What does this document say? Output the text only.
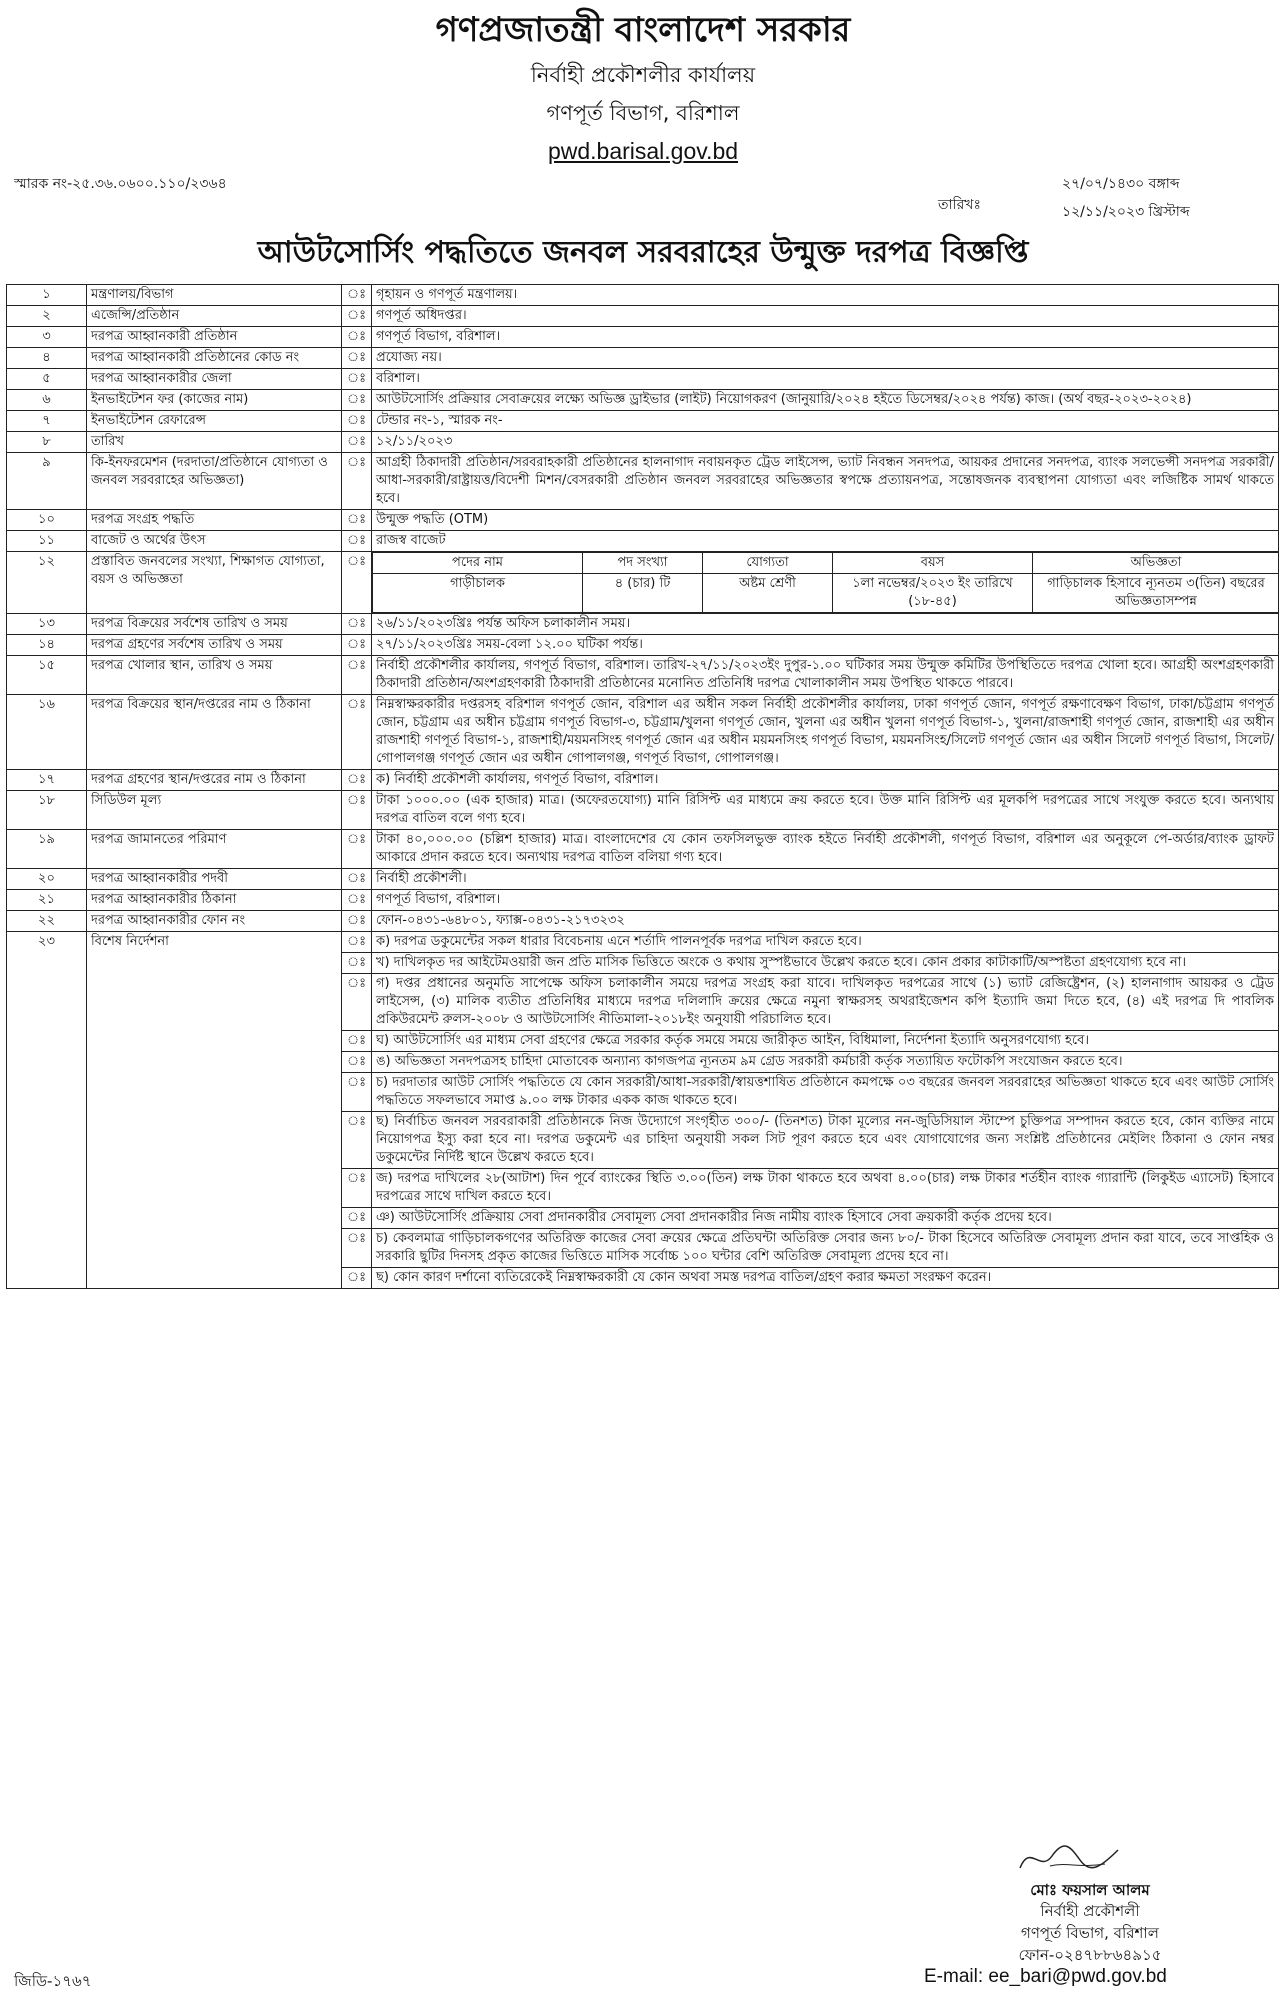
গণপ্রজাতন্ত্রী বাংলাদেশ সরকার
নির্বাহী প্রকৌশলীর কার্যালয়
গণপূর্ত বিভাগ, বরিশাল
pwd.barisal.gov.bd
স্মারক নং-২৫.৩৬.০৬০০.১১০/২৩৬৪
তারিখঃ
২৭/০৭/১৪৩০ বঙ্গাব্দ
১২/১১/২০২৩ খ্রিস্টাব্দ
আউটসোর্সিং পদ্ধতিতে জনবল সরবরাহের উন্মুক্ত দরপত্র বিজ্ঞপ্তি
১	মন্ত্রণালয়/বিভাগ	ঃ	গৃহায়ন ও গণপূর্ত মন্ত্রণালয়।
২	এজেন্সি/প্রতিষ্ঠান	ঃ	গণপূর্ত অধিদপ্তর।
৩	দরপত্র আহ্বানকারী প্রতিষ্ঠান	ঃ	গণপূর্ত বিভাগ, বরিশাল।
৪	দরপত্র আহ্বানকারী প্রতিষ্ঠানের কোড নং	ঃ	প্রযোজ্য নয়।
৫	দরপত্র আহ্বানকারীর জেলা	ঃ	বরিশাল।
৬	ইনভাইটেশন ফর (কাজের নাম)	ঃ	আউটসোর্সিং প্রক্রিয়ার সেবাক্রয়ের লক্ষ্যে অভিজ্ঞ ড্রাইভার (লাইট) নিয়োগকরণ (জানুয়ারি/২০২৪ হইতে ডিসেম্বর/২০২৪ পর্যন্ত) কাজ। (অর্থ বছর-২০২৩-২০২৪)
৭	ইনভাইটেশন রেফারেন্স	ঃ	টেন্ডার নং-১, স্মারক নং-
৮	তারিখ	ঃ	১২/১১/২০২৩
৯	কি-ইনফরমেশন (দরদাতা/প্রতিষ্ঠানে যোগ্যতা ও জনবল সরবরাহের অভিজ্ঞতা)	ঃ	আগ্রহী ঠিকাদারী প্রতিষ্ঠান/সরবরাহকারী প্রতিষ্ঠানের হালনাগাদ নবায়নকৃত ট্রেড লাইসেন্স, ভ্যাট নিবন্ধন সনদপত্র, আয়কর প্রদানের সনদপত্র, ব্যাংক সলভেন্সী সনদপত্র সরকারী/আধা-সরকারী/রাষ্ট্রায়ত্ত/বিদেশী মিশন/বেসরকারী প্রতিষ্ঠান জনবল সরবরাহের অভিজ্ঞতার স্বপক্ষে প্রত্যায়নপত্র, সন্তোষজনক ব্যবস্থাপনা যোগ্যতা এবং লজিষ্টিক সামর্থ থাকতে হবে।
১০	দরপত্র সংগ্রহ পদ্ধতি	ঃ	উন্মুক্ত পদ্ধতি (OTM)
১১	বাজেট ও অর্থের উৎস	ঃ	রাজস্ব বাজেট
১২	প্রস্তাবিত জনবলের সংখ্যা, শিক্ষাগত যোগ্যতা, বয়স ও অভিজ্ঞতা	ঃ		পদের নাম	পদ সংখ্যা	যোগ্যতা	বয়স	অভিজ্ঞতা
গাড়ীচালক	৪ (চার) টি	অষ্টম শ্রেণী	১লা নভেম্বর/২০২৩ ইং তারিখে (১৮-৪৫)	গাড়িচালক হিসাবে ন্যূনতম ৩(তিন) বছরের অভিজ্ঞতাসম্পন্ন

১৩	দরপত্র বিক্রয়ের সর্বশেষ তারিখ ও সময়	ঃ	২৬/১১/২০২৩খ্রিঃ পর্যন্ত অফিস চলাকালীন সময়।
১৪	দরপত্র গ্রহণের সর্বশেষ তারিখ ও সময়	ঃ	২৭/১১/২০২৩খ্রিঃ সময়-বেলা ১২.০০ ঘটিকা পর্যন্ত।
১৫	দরপত্র খোলার স্থান, তারিখ ও সময়	ঃ	নির্বাহী প্রকৌশলীর কার্যালয়, গণপূর্ত বিভাগ, বরিশাল। তারিখ-২৭/১১/২০২৩ইং দুপুর-১.০০ ঘটিকার সময় উন্মুক্ত কমিটির উপস্থিতিতে দরপত্র খোলা হবে। আগ্রহী অংশগ্রহণকারী ঠিকাদারী প্রতিষ্ঠান/অংশগ্রহণকারী ঠিকাদারী প্রতিষ্ঠানের মনোনিত প্রতিনিধি দরপত্র খোলাকালীন সময় উপস্থিত থাকতে পারবে।
১৬	দরপত্র বিক্রয়ের স্থান/দপ্তরের নাম ও ঠিকানা	ঃ	নিম্নস্বাক্ষরকারীর দপ্তরসহ বরিশাল গণপূর্ত জোন, বরিশাল এর অধীন সকল নির্বাহী প্রকৌশলীর কার্যালয়, ঢাকা গণপূর্ত জোন, গণপূর্ত রক্ষণাবেক্ষণ বিভাগ, ঢাকা/চট্টগ্রাম গণপূর্ত জোন, চট্টগ্রাম এর অধীন চট্টগ্রাম গণপূর্ত বিভাগ-৩, চট্টগ্রাম/খুলনা গণপূর্ত জোন, খুলনা এর অধীন খুলনা গণপূর্ত বিভাগ-১, খুলনা/রাজশাহী গণপূর্ত জোন, রাজশাহী এর অধীন রাজশাহী গণপূর্ত বিভাগ-১, রাজশাহী/ময়মনসিংহ গণপূর্ত জোন এর অধীন ময়মনসিংহ গণপূর্ত বিভাগ, ময়মনসিংহ/সিলেট গণপূর্ত জোন এর অধীন সিলেট গণপূর্ত বিভাগ, সিলেট/গোপালগঞ্জ গণপূর্ত জোন এর অধীন গোপালগঞ্জ, গণপূর্ত বিভাগ, গোপালগঞ্জ।
১৭	দরপত্র গ্রহণের স্থান/দপ্তরের নাম ও ঠিকানা	ঃ	ক) নির্বাহী প্রকৌশলী কার্যালয়, গণপূর্ত বিভাগ, বরিশাল।
১৮	সিডিউল মূল্য	ঃ	টাকা ১০০০.০০ (এক হাজার) মাত্র। (অফেরতযোগ্য) মানি রিসিপ্ট এর মাধ্যমে ক্রয় করতে হবে। উক্ত মানি রিসিপ্ট এর মূলকপি দরপত্রের সাথে সংযুক্ত করতে হবে। অন্যথায় দরপত্র বাতিল বলে গণ্য হবে।
১৯	দরপত্র জামানতের পরিমাণ	ঃ	টাকা ৪০,০০০.০০ (চল্লিশ হাজার) মাত্র। বাংলাদেশের যে কোন তফসিলভুক্ত ব্যাংক হইতে নির্বাহী প্রকৌশলী, গণপূর্ত বিভাগ, বরিশাল এর অনুকূলে পে-অর্ডার/ব্যাংক ড্রাফট আকারে প্রদান করতে হবে। অন্যথায় দরপত্র বাতিল বলিয়া গণ্য হবে।
২০	দরপত্র আহ্বানকারীর পদবী	ঃ	নির্বাহী প্রকৌশলী।
২১	দরপত্র আহ্বানকারীর ঠিকানা	ঃ	গণপূর্ত বিভাগ, বরিশাল।
২২	দরপত্র আহ্বানকারীর ফোন নং	ঃ	ফোন-০৪৩১-৬৪৮০১, ফ্যাক্স-০৪৩১-২১৭৩২৩২
২৩	বিশেষ নির্দেশনা	ঃ	ক) দরপত্র ডকুমেন্টের সকল ধারার বিবেচনায় এনে শর্তাদি পালনপূর্বক দরপত্র দাখিল করতে হবে।
ঃ	খ) দাখিলকৃত দর আইটেমওয়ারী জন প্রতি মাসিক ভিত্তিতে অংকে ও কথায় সুস্পষ্টভাবে উল্লেখ করতে হবে। কোন প্রকার কাটাকাটি/অস্পষ্টতা গ্রহণযোগ্য হবে না।
ঃ	গ) দপ্তর প্রধানের অনুমতি সাপেক্ষে অফিস চলাকালীন সময়ে দরপত্র সংগ্রহ করা যাবে। দাখিলকৃত দরপত্রের সাথে (১) ভ্যাট রেজিষ্ট্রেশন, (২) হালনাগাদ আয়কর ও ট্রেড লাইসেন্স, (৩) মালিক ব্যতীত প্রতিনিধির মাধ্যমে দরপত্র দলিলাদি ক্রয়ের ক্ষেত্রে নমুনা স্বাক্ষরসহ অথরাইজেশন কপি ইত্যাদি জমা দিতে হবে, (৪) এই দরপত্র দি পাবলিক প্রকিউরমেন্ট রুলস-২০০৮ ও আউটসোর্সিং নীতিমালা-২০১৮ইং অনুযায়ী পরিচালিত হবে।
ঃ	ঘ) আউটসোর্সিং এর মাধ্যম সেবা গ্রহণের ক্ষেত্রে সরকার কর্তৃক সময়ে সময়ে জারীকৃত আইন, বিধিমালা, নির্দেশনা ইত্যাদি অনুসরণযোগ্য হবে।
ঃ	ঙ) অভিজ্ঞতা সনদপত্রসহ চাহিদা মোতাবেক অন্যান্য কাগজপত্র ন্যূনতম ৯ম গ্রেড সরকারী কর্মচারী কর্তৃক সত্যায়িত ফটোকপি সংযোজন করতে হবে।
ঃ	চ) দরদাতার আউট সোর্সিং পদ্ধতিতে যে কোন সরকারী/আধা-সরকারী/স্বায়ত্তশাষিত প্রতিষ্ঠানে কমপক্ষে ০৩ বছরের জনবল সরবরাহের অভিজ্ঞতা থাকতে হবে এবং আউট সোর্সিং পদ্ধতিতে সফলভাবে সমাপ্ত ৯.০০ লক্ষ টাকার একক কাজ থাকতে হবে।
ঃ	ছ) নির্বাচিত জনবল সরবরাকারী প্রতিষ্ঠানকে নিজ উদ্যোগে সংগৃহীত ৩০০/- (তিনশত) টাকা মূল্যের নন-জুডিসিয়াল স্টাম্পে চুক্তিপত্র সম্পাদন করতে হবে, কোন ব্যক্তির নামে নিয়োগপত্র ইস্যু করা হবে না। দরপত্র ডকুমেন্ট এর চাহিদা অনুযায়ী সকল সিট পূরণ করতে হবে এবং যোগাযোগের জন্য সংশ্লিষ্ট প্রতিষ্ঠানের মেইলিং ঠিকানা ও ফোন নম্বর ডকুমেন্টের নির্দিষ্ট স্থানে উল্লেখ করতে হবে।
ঃ	জ) দরপত্র দাখিলের ২৮(আটাশ) দিন পূর্বে ব্যাংকের স্থিতি ৩.০০(তিন) লক্ষ টাকা থাকতে হবে অথবা ৪.০০(চার) লক্ষ টাকার শর্তহীন ব্যাংক গ্যারান্টি (লিকুইড এ্যাসেট) হিসাবে দরপত্রের সাথে দাখিল করতে হবে।
ঃ	ঞ) আউটসোর্সিং প্রক্রিয়ায় সেবা প্রদানকারীর সেবামূল্য সেবা প্রদানকারীর নিজ নামীয় ব্যাংক হিসাবে সেবা ক্রয়কারী কর্তৃক প্রদেয় হবে।
ঃ	চ) কেবলমাত্র গাড়িচালকগণের অতিরিক্ত কাজের সেবা ক্রয়ের ক্ষেত্রে প্রতিঘন্টা অতিরিক্ত সেবার জন্য ৮০/- টাকা হিসেবে অতিরিক্ত সেবামূল্য প্রদান করা যাবে, তবে সাপ্তহিক ও সরকারি ছুটির দিনসহ প্রকৃত কাজের ভিত্তিতে মাসিক সর্বোচ্চ ১০০ ঘন্টার বেশি অতিরিক্ত সেবামূল্য প্রদেয় হবে না।
ঃ	ছ) কোন কারণ দর্শানো ব্যতিরেকেই নিম্নস্বাক্ষরকারী যে কোন অথবা সমস্ত দরপত্র বাতিল/গ্রহণ করার ক্ষমতা সংরক্ষণ করেন।
মোঃ ফয়সাল আলম
নির্বাহী প্রকৌশলী
গণপূর্ত বিভাগ, বরিশাল
ফোন-০২৪৭৮৮৬৪৯১৫
জিডি-১৭৬৭	E-mail: ee_bari@pwd.gov.bd
